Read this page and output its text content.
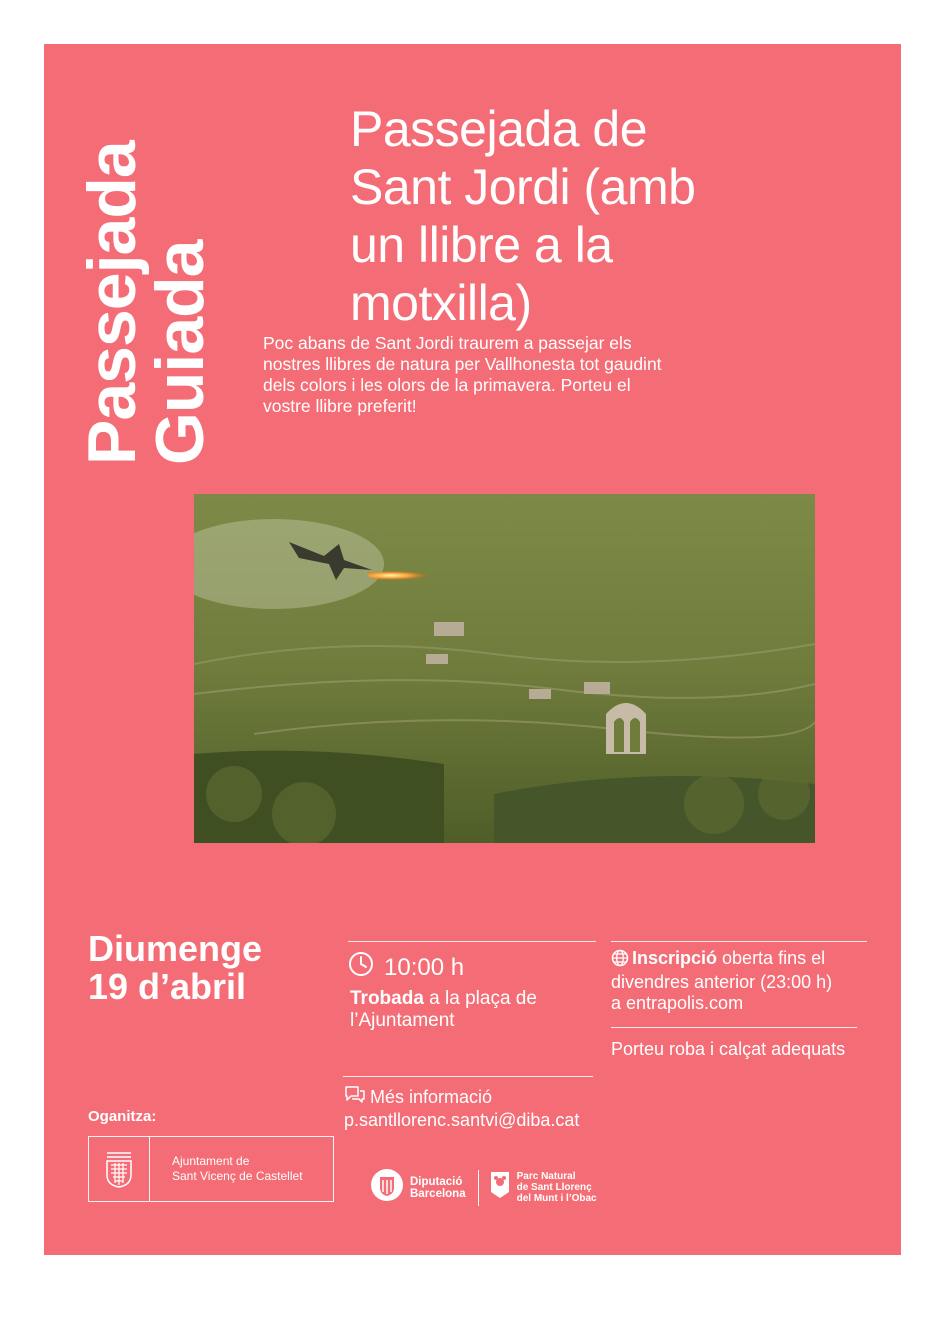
Passejada
Guiada
Passejada de
Sant Jordi (amb
un llibre a la
motxilla)
Poc abans de Sant Jordi traurem a passejar els
nostres llibres de natura per Vallhonesta tot gaudint
dels colors i les olors de la primavera. Porteu el
vostre llibre preferit!
Diumenge
19 d’abril	10:00 h
Trobada a la plaça de
l’Ajuntament
Inscripció oberta fins el
divendres anterior (23:00 h)
a entrapolis.com
Porteu roba i calçat adequats
Més informació
p.santllorenc.santvi@diba.cat
Oganitza:
Ajuntament de
Sant Vicenç de Castellet	Diputació
Barcelona
Parc Natural
de Sant Llorenç
del Munt i l’Obac
